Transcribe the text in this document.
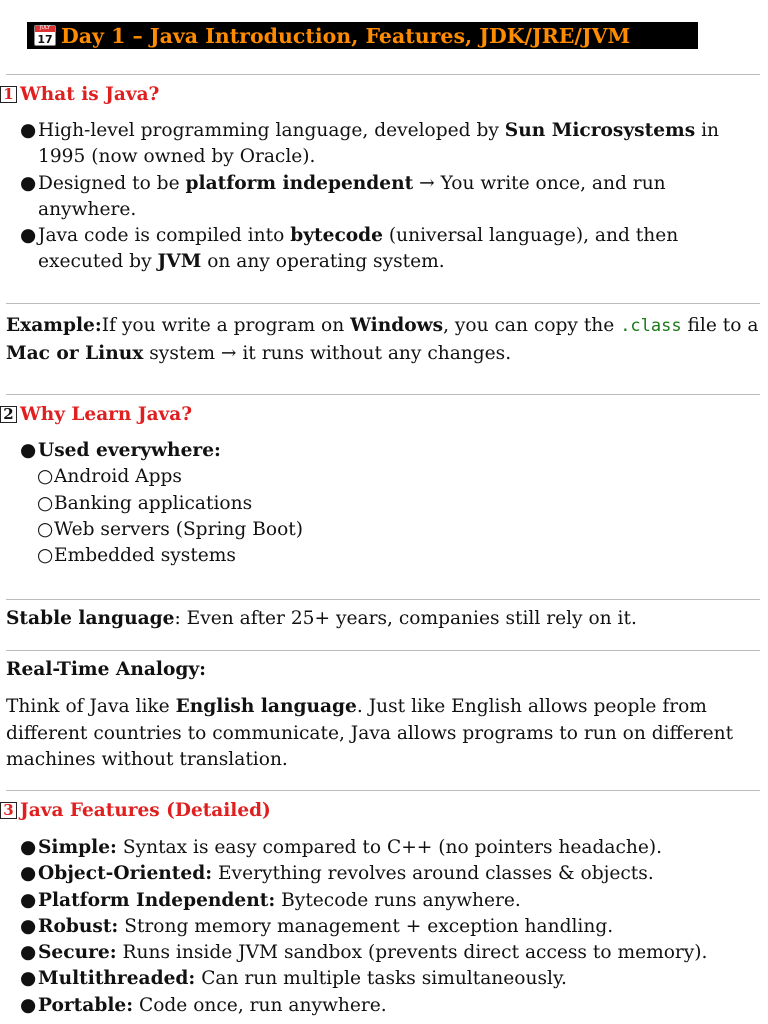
JULY
17 Day 1 – Java Introduction, Features, JDK/JRE/JVM
1 What is Java?
● High-level programming language, developed by Sun Microsystems in 1995 (now owned by Oracle).
● Designed to be platform independent → You write once, and run anywhere.
● Java code is compiled into bytecode (universal language), and then executed by JVM on any operating system.
Example:If you write a program on Windows, you can copy the .class file to a Mac or Linux system → it runs without any changes.
2 Why Learn Java?
● Used everywhere:
○ Android Apps
○ Banking applications
○ Web servers (Spring Boot)
○ Embedded systems
Stable language: Even after 25+ years, companies still rely on it.
Real-Time Analogy:
Think of Java like English language. Just like English allows people from different countries to communicate, Java allows programs to run on different machines without translation.
3 Java Features (Detailed)
● Simple: Syntax is easy compared to C++ (no pointers headache).
● Object-Oriented: Everything revolves around classes & objects.
● Platform Independent: Bytecode runs anywhere.
● Robust: Strong memory management + exception handling.
● Secure: Runs inside JVM sandbox (prevents direct access to memory).
● Multithreaded: Can run multiple tasks simultaneously.
● Portable: Code once, run anywhere.
